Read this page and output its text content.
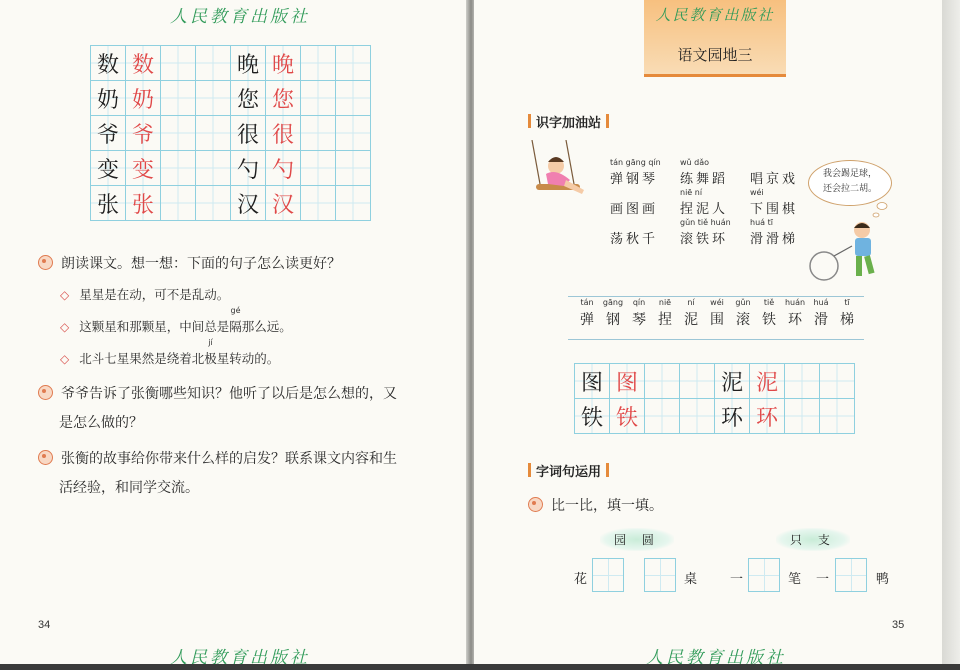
人民教育出版社
数	数			晚	晚		
奶	奶			您	您		
爷	爷			很	很		
变	变			勺	勺		
张	张			汉	汉		
朗读课文。想一想：下面的句子怎么读更好？
◇ 星星是在动，可不是乱动。
◇ 这颗星和那颗星，中间总是
gé
隔那么远。
◇ 北斗七星果然是绕着北
jí
极星转动的。
爷爷告诉了张衡哪些知识？他听了以后是怎么想的，又
是怎么做的？
张衡的故事给你带来什么样的启发？联系课文内容和生
活经验，和同学交流。
34
人民教育出版社
人民教育出版社
语文园地三
识字加油站
tán gāng qín
弹钢琴
wǔ dǎo
练舞蹈 唱京戏
画图画
niē ní
捏泥人
wéi
下围棋
荡秋千
gǔn tiě huán
滚铁环
huá tī
滑滑梯
我会踢足球，
还会拉二胡。
tán
弹
gāng
钢
qín
琴
niē
捏
ní
泥
wéi
围
gǔn
滚
tiě
铁
huán
环
huá
滑
tī
梯
图	图			泥	泥		
铁	铁			环	环		
字词句运用
比一比，填一填。
园 圆	只 支
花	桌	一	笔 一	鸭
35
人民教育出版社
